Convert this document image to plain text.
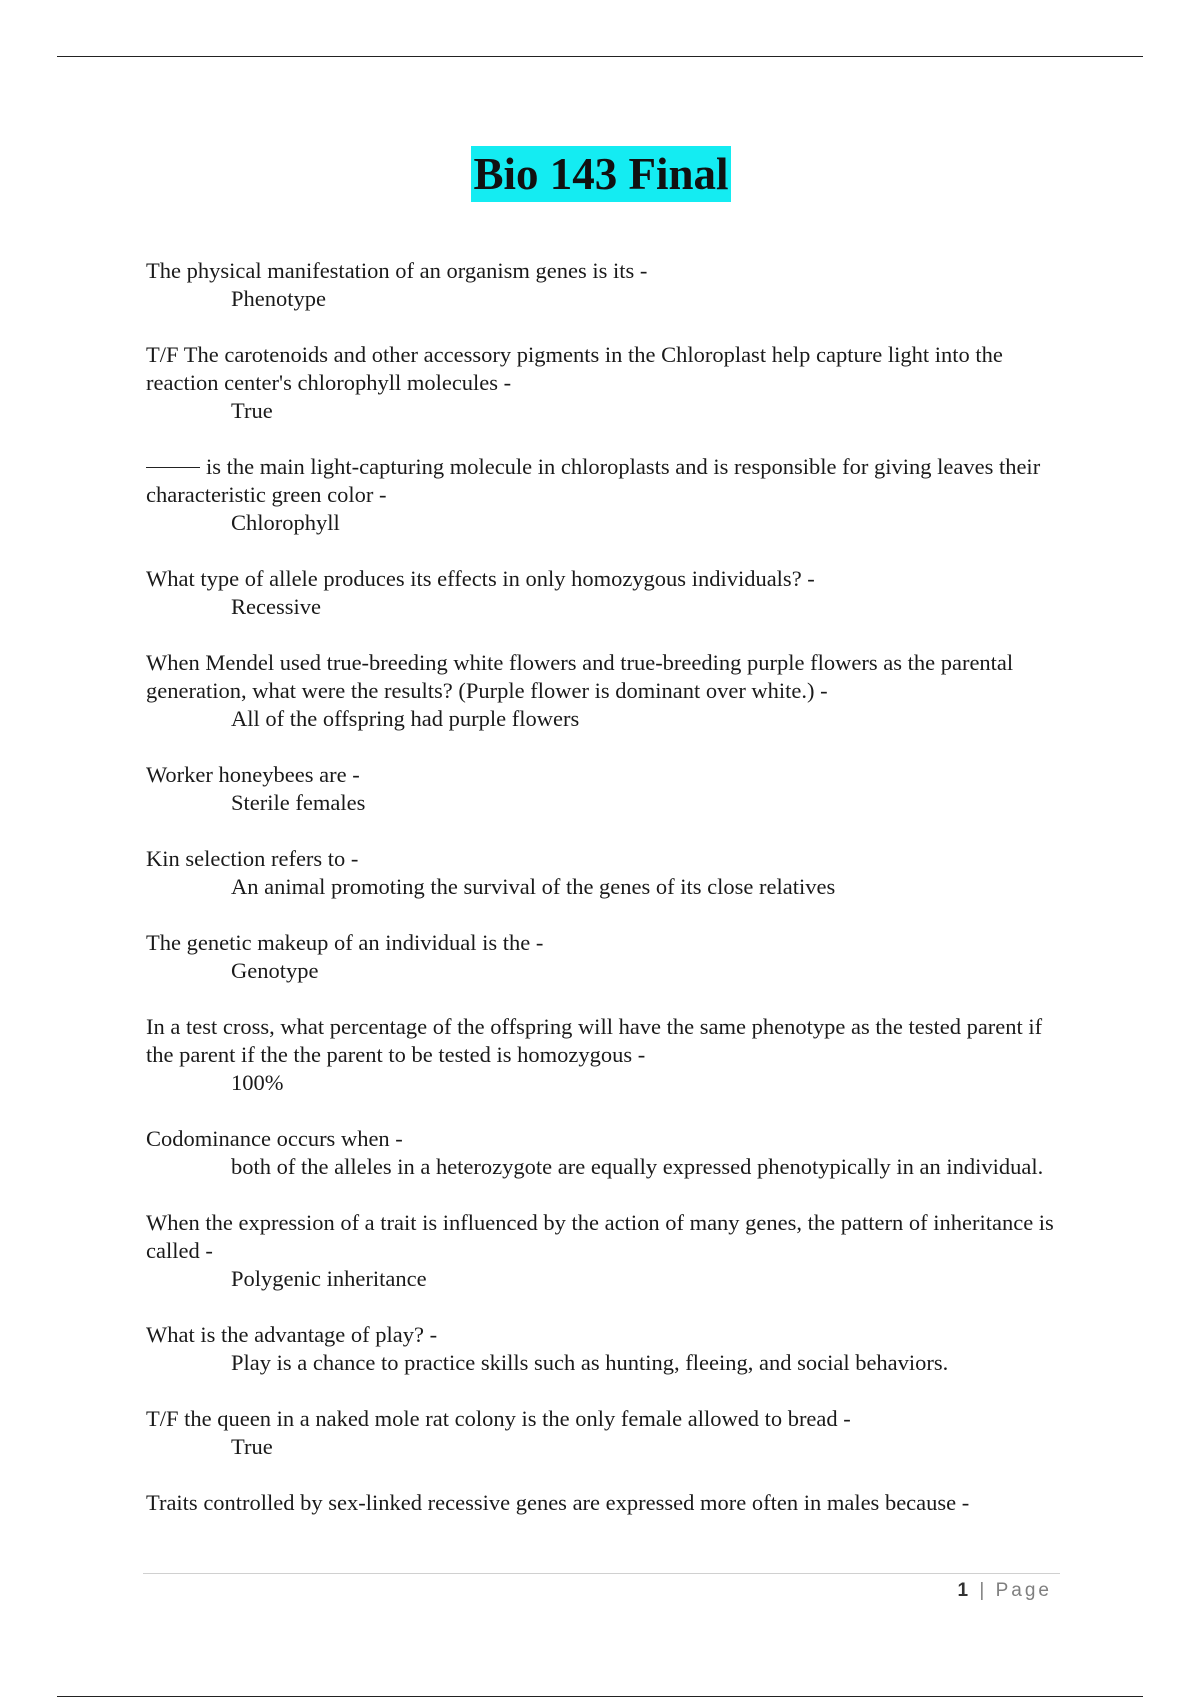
Bio 143 Final
The physical manifestation of an organism genes is its -
Phenotype
T/F The carotenoids and other accessory pigments in the Chloroplast help capture light into the reaction center's chlorophyll molecules -
True
is the main light-capturing molecule in chloroplasts and is responsible for giving leaves their characteristic green color -
Chlorophyll
What type of allele produces its effects in only homozygous individuals? -
Recessive
When Mendel used true-breeding white flowers and true-breeding purple flowers as the parental generation, what were the results? (Purple flower is dominant over white.) -
All of the offspring had purple flowers
Worker honeybees are -
Sterile females
Kin selection refers to -
An animal promoting the survival of the genes of its close relatives
The genetic makeup of an individual is the -
Genotype
In a test cross, what percentage of the offspring will have the same phenotype as the tested parent if the parent if the the parent to be tested is homozygous -
100%
Codominance occurs when -
both of the alleles in a heterozygote are equally expressed phenotypically in an individual.
When the expression of a trait is influenced by the action of many genes, the pattern of inheritance is called -
Polygenic inheritance
What is the advantage of play? -
Play is a chance to practice skills such as hunting, fleeing, and social behaviors.
T/F the queen in a naked mole rat colony is the only female allowed to bread -
True
Traits controlled by sex-linked recessive genes are expressed more often in males because -
1 | Page
